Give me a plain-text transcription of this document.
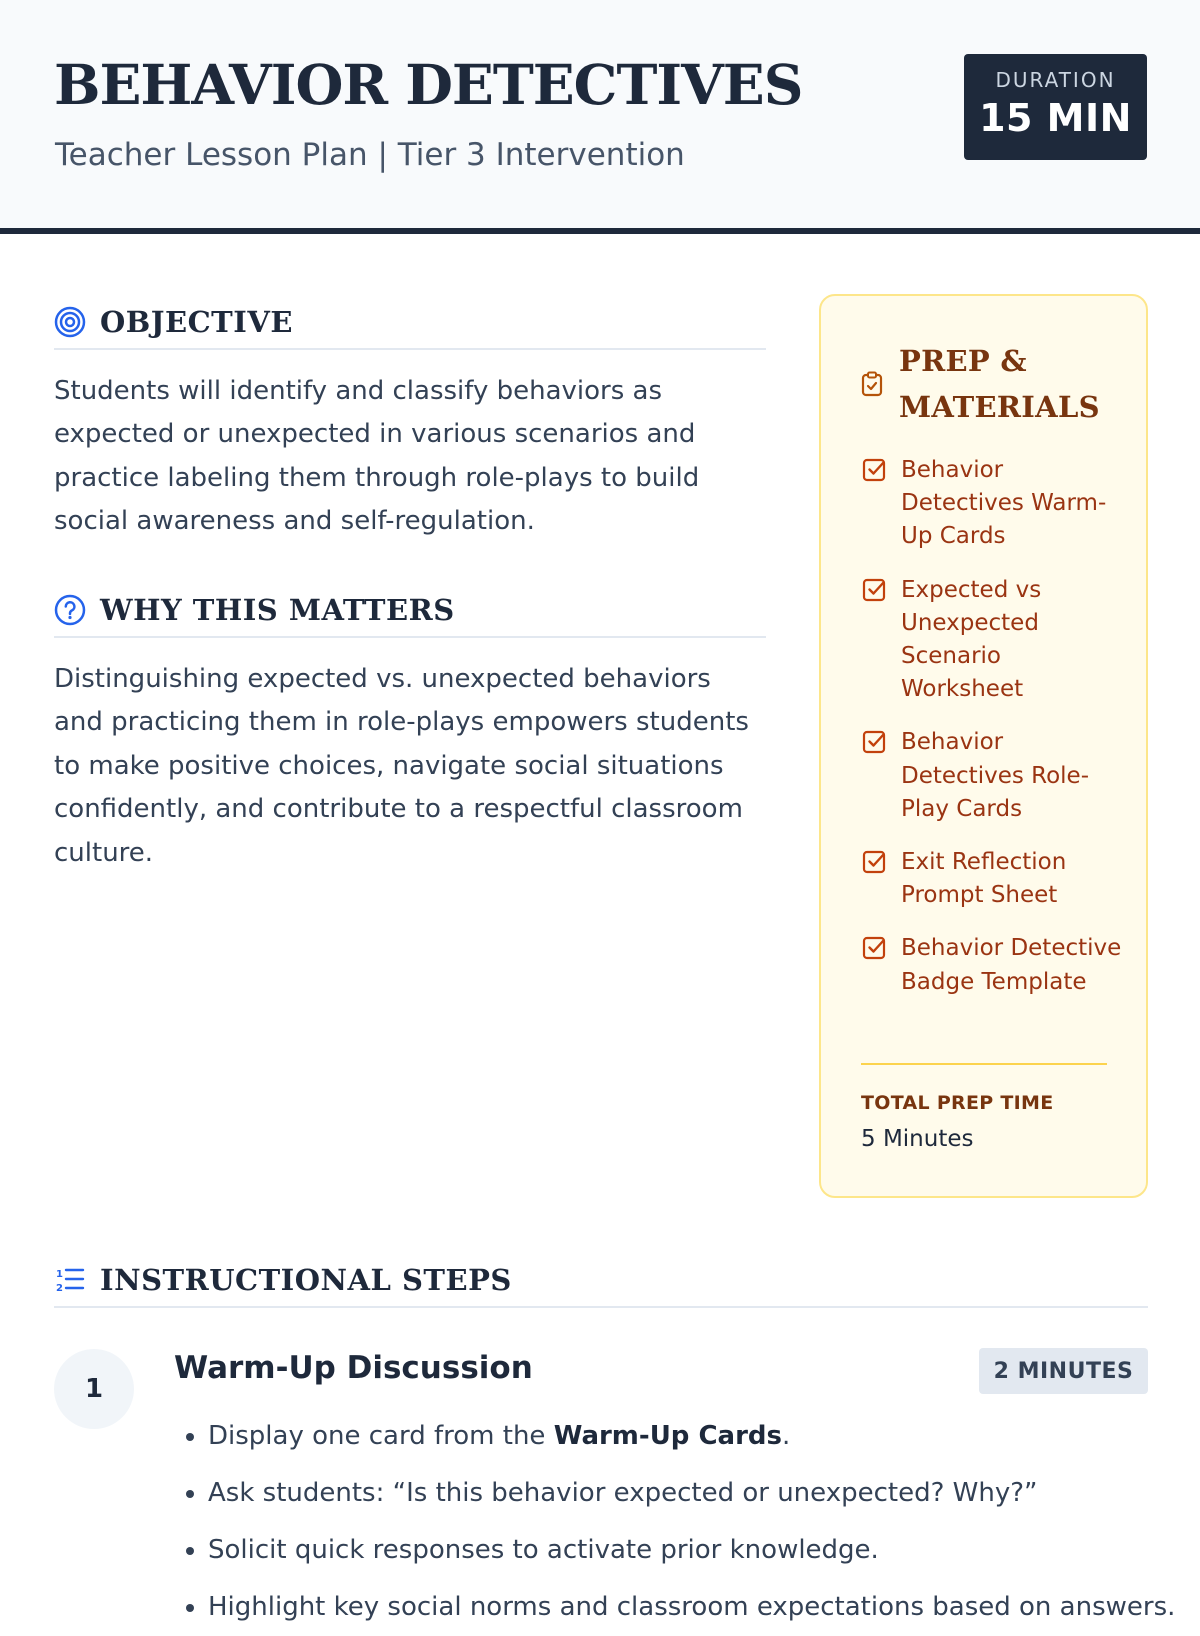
BEHAVIOR DETECTIVES
Teacher Lesson Plan | Tier 3 Intervention
DURATION
15 MIN
OBJECTIVE

Students will identify and classify behaviors as expected or unexpected in various scenarios and practice labeling them through role-plays to build social awareness and self-regulation.

WHY THIS MATTERS

Distinguishing expected vs. unexpected behaviors and practicing them in role-plays empowers students to make positive choices, navigate social situations confidently, and contribute to a respectful classroom culture.

PREP &
MATERIALS
Behavior Detectives Warm-Up Cards
Expected vs Unexpected Scenario Worksheet
Behavior Detectives Role-Play Cards
Exit Reflection Prompt Sheet
Behavior Detective Badge Template
TOTAL PREP TIME
5 Minutes
1
2 INSTRUCTIONAL STEPS
1
Warm-Up Discussion	2 MINUTES
• Display one card from the Warm-Up Cards.
• Ask students: “Is this behavior expected or unexpected? Why?”
• Solicit quick responses to activate prior knowledge.
• Highlight key social norms and classroom expectations based on answers.
